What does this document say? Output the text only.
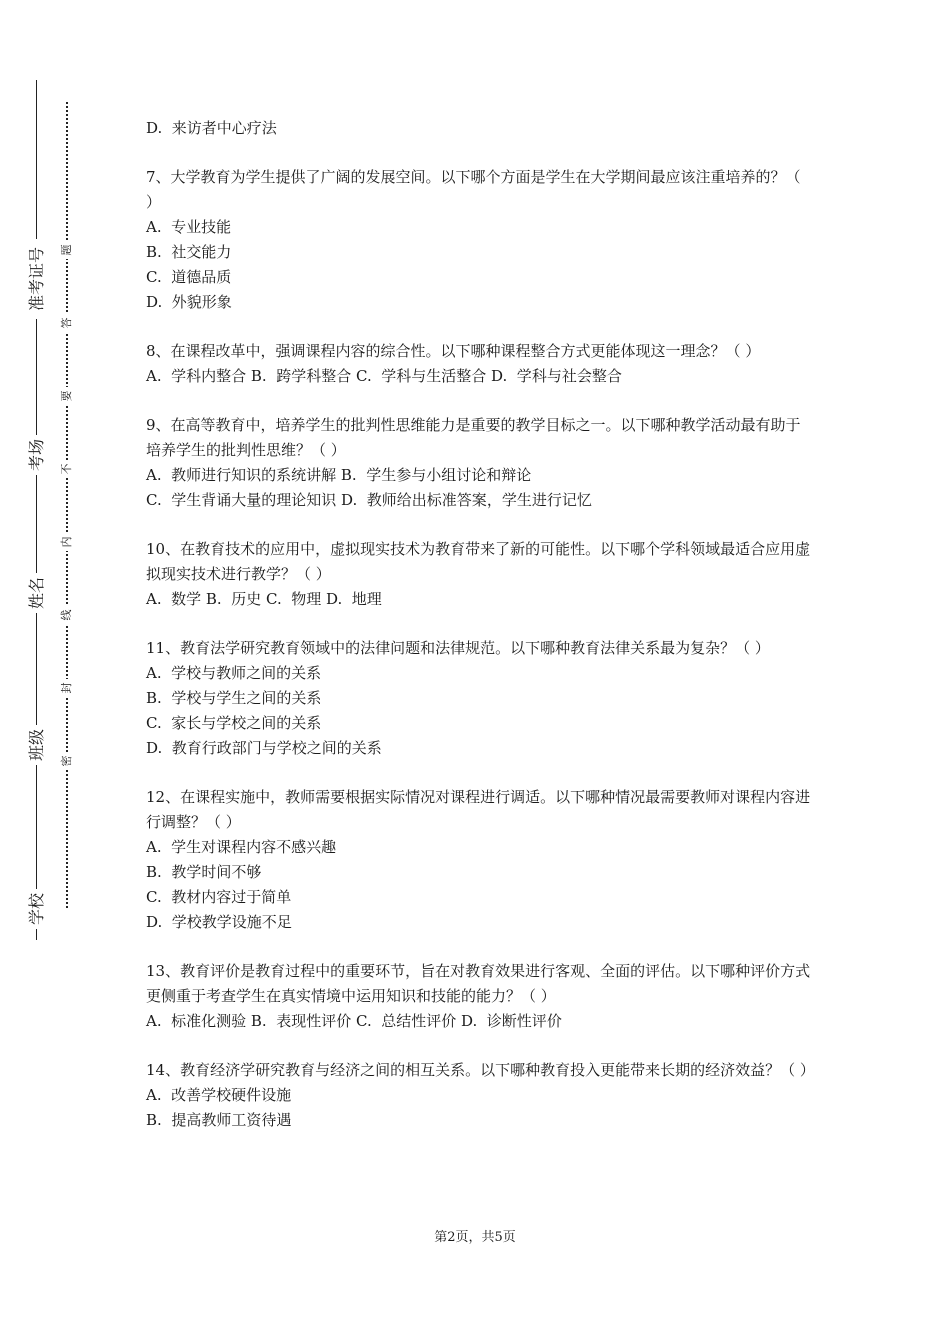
准考证号
考场
姓名
班级
学校
题
答
要
不
内
线
封
密

D.  来访者中心疗法

7、大学教育为学生提供了广阔的发展空间。以下哪个方面是学生在大学期间最应该注重培养的？（ ）

A.  专业技能

B.  社交能力

C.  道德品质

D.  外貌形象

8、在课程改革中，强调课程内容的综合性。以下哪种课程整合方式更能体现这一理念？（ ）

A.  学科内整合 B.  跨学科整合 C.  学科与生活整合 D.  学科与社会整合

9、在高等教育中，培养学生的批判性思维能力是重要的教学目标之一。以下哪种教学活动最有助于培养学生的批判性思维？（ ）

A.  教师进行知识的系统讲解 B.  学生参与小组讨论和辩论

C.  学生背诵大量的理论知识 D.  教师给出标准答案，学生进行记忆

10、在教育技术的应用中，虚拟现实技术为教育带来了新的可能性。以下哪个学科领域最适合应用虚拟现实技术进行教学？（ ）

A.  数学 B.  历史 C.  物理 D.  地理

11、教育法学研究教育领域中的法律问题和法律规范。以下哪种教育法律关系最为复杂？（ ）

A.  学校与教师之间的关系

B.  学校与学生之间的关系

C.  家长与学校之间的关系

D.  教育行政部门与学校之间的关系

12、在课程实施中，教师需要根据实际情况对课程进行调适。以下哪种情况最需要教师对课程内容进行调整？（ ）

A.  学生对课程内容不感兴趣

B.  教学时间不够

C.  教材内容过于简单

D.  学校教学设施不足

13、教育评价是教育过程中的重要环节，旨在对教育效果进行客观、全面的评估。以下哪种评价方式更侧重于考查学生在真实情境中运用知识和技能的能力？（ ）

A.  标准化测验 B.  表现性评价 C.  总结性评价 D.  诊断性评价

14、教育经济学研究教育与经济之间的相互关系。以下哪种教育投入更能带来长期的经济效益？（ ）

A.  改善学校硬件设施

B.  提高教师工资待遇

第2页，共5页
